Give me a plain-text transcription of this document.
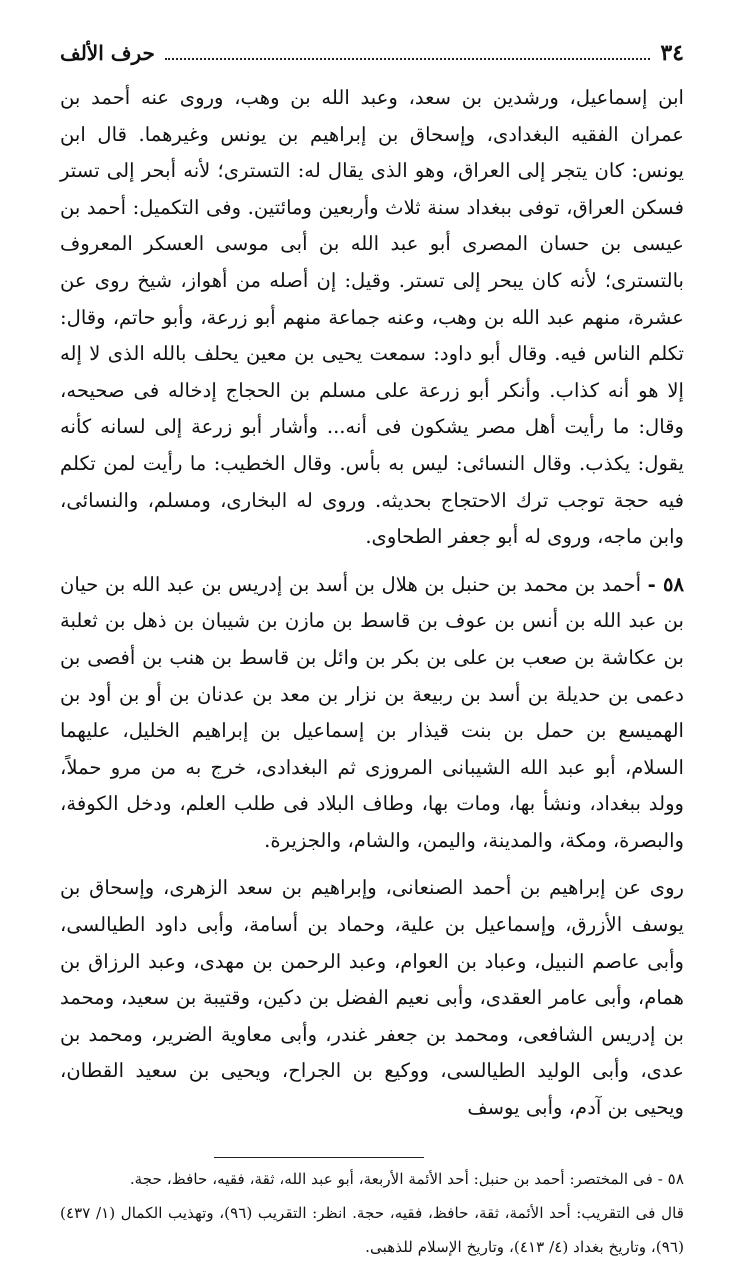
٣٤
حرف الألف

ابن إسماعيل، ورشدين بن سعد، وعبد الله بن وهب، وروى عنه أحمد بن عمران الفقيه البغدادى، وإسحاق بن إبراهيم بن يونس وغيرهما. قال ابن يونس: كان يتجر إلى العراق، وهو الذى يقال له: التسترى؛ لأنه أبحر إلى تستر فسكن العراق، توفى ببغداد سنة ثلاث وأربعين ومائتين. وفى التكميل: أحمد بن عيسى بن حسان المصرى أبو عبد الله بن أبى موسى العسكر المعروف بالتسترى؛ لأنه كان يبحر إلى تستر. وقيل: إن أصله من أهواز، شيخ روى عن عشرة، منهم عبد الله بن وهب، وعنه جماعة منهم أبو زرعة، وأبو حاتم، وقال: تكلم الناس فيه. وقال أبو داود: سمعت يحيى بن معين يحلف بالله الذى لا إله إلا هو أنه كذاب. وأنكر أبو زرعة على مسلم بن الحجاج إدخاله فى صحيحه، وقال: ما رأيت أهل مصر يشكون فى أنه... وأشار أبو زرعة إلى لسانه كأنه يقول: يكذب. وقال النسائى: ليس به بأس. وقال الخطيب: ما رأيت لمن تكلم فيه حجة توجب ترك الاحتجاج بحديثه. وروى له البخارى، ومسلم، والنسائى، وابن ماجه، وروى له أبو جعفر الطحاوى.

٥٨ - أحمد بن محمد بن حنبل بن هلال بن أسد بن إدريس بن عبد الله بن حيان بن عبد الله بن أنس بن عوف بن قاسط بن مازن بن شيبان بن ذهل بن ثعلبة بن عكاشة بن صعب بن على بن بكر بن وائل بن قاسط بن هنب بن أفصى بن دعمى بن حديلة بن أسد بن ربيعة بن نزار بن معد بن عدنان بن أو بن أود بن الهميسع بن حمل بن بنت قيذار بن إسماعيل بن إبراهيم الخليل، عليهما السلام، أبو عبد الله الشيبانى المروزى ثم البغدادى، خرج به من مرو حملاً، وولد ببغداد، ونشأ بها، ومات بها، وطاف البلاد فى طلب العلم، ودخل الكوفة، والبصرة، ومكة، والمدينة، واليمن، والشام، والجزيرة.

روى عن إبراهيم بن أحمد الصنعانى، وإبراهيم بن سعد الزهرى، وإسحاق بن يوسف الأزرق، وإسماعيل بن علية، وحماد بن أسامة، وأبى داود الطيالسى، وأبى عاصم النبيل، وعباد بن العوام، وعبد الرحمن بن مهدى، وعبد الرزاق بن همام، وأبى عامر العقدى، وأبى نعيم الفضل بن دكين، وقتيبة بن سعيد، ومحمد بن إدريس الشافعى، ومحمد بن جعفر غندر، وأبى معاوية الضرير، ومحمد بن عدى، وأبى الوليد الطيالسى، ووكيع بن الجراح، ويحيى بن سعيد القطان، ويحيى بن آدم، وأبى يوسف

٥٨ - فى المختصر: أحمد بن حنبل: أحد الأئمة الأربعة، أبو عبد الله، ثقة، فقيه، حافظ، حجة.

قال فى التقريب: أحد الأئمة، ثقة، حافظ، فقيه، حجة. انظر: التقريب (٩٦)، وتهذيب الكمال (١/ ٤٣٧) (٩٦)، وتاريخ بغداد (٤/ ٤١٣)، وتاريخ الإسلام للذهبى.
